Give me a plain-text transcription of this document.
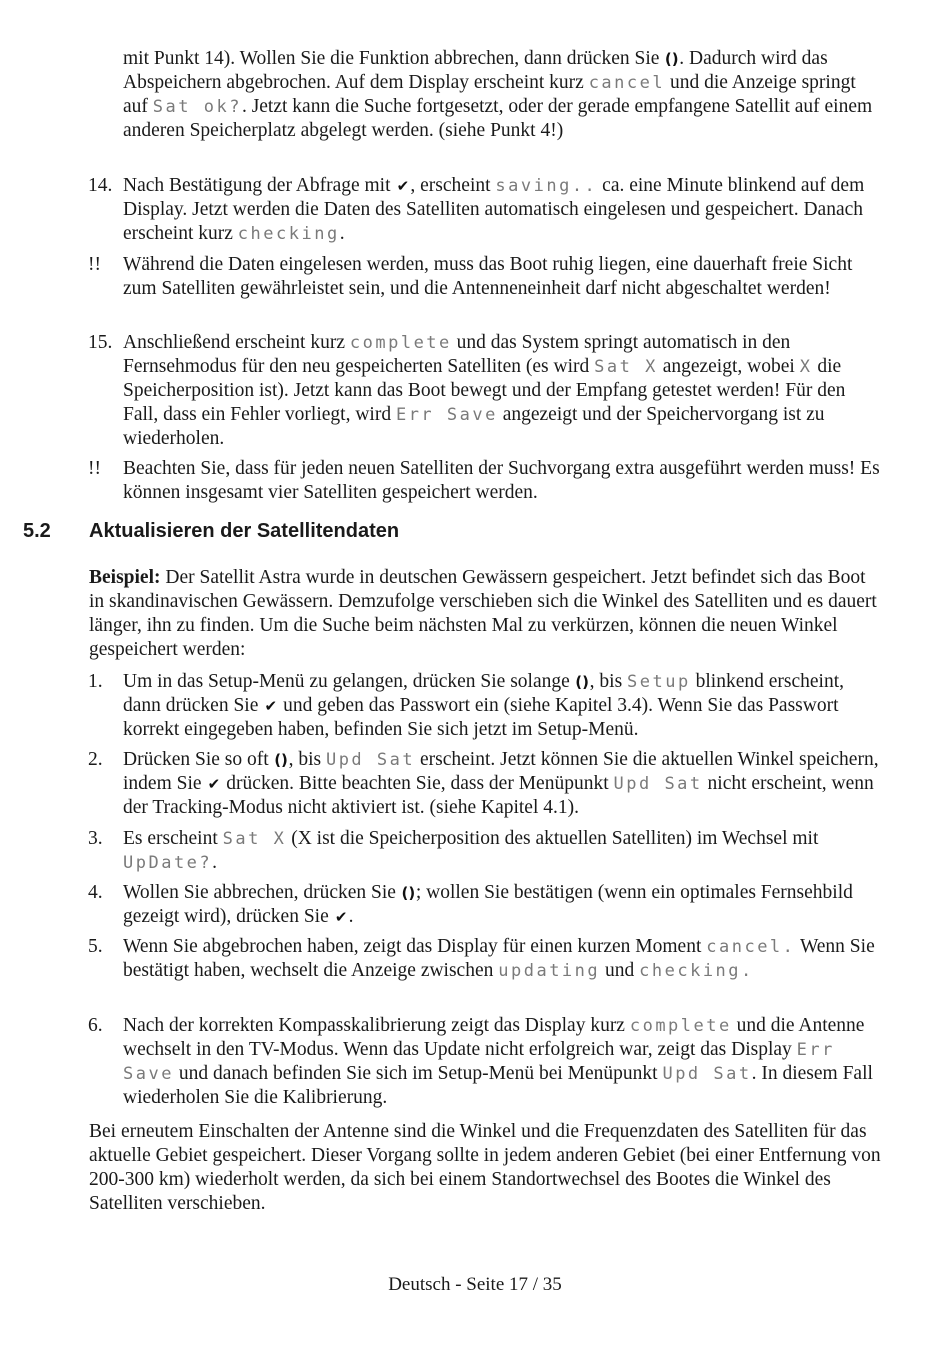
mit Punkt 14). Wollen Sie die Funktion abbrechen, dann drücken Sie (). Dadurch wird das Abspeichern abgebrochen. Auf dem Display erscheint kurz cancel und die Anzeige springt auf Sat ok?. Jetzt kann die Suche fortgesetzt, oder der gerade empfangene Satellit auf einem anderen Speicherplatz abgelegt werden. (siehe Punkt 4!)

14. Nach Bestätigung der Abfrage mit ✔, erscheint saving.. ca. eine Minute blinkend auf dem Display. Jetzt werden die Daten des Satelliten automatisch eingelesen und gespeichert. Danach erscheint kurz checking.
!!	Während die Daten eingelesen werden, muss das Boot ruhig liegen, eine dauerhaft freie Sicht zum Satelliten gewährleistet sein, und die Antenneneinheit darf nicht abgeschaltet werden!
15. Anschließend erscheint kurz complete und das System springt automatisch in den Fernsehmodus für den neu gespeicherten Satelliten (es wird Sat X angezeigt, wobei X die Speicherposition ist). Jetzt kann das Boot bewegt und der Empfang getestet werden! Für den Fall, dass ein Fehler vorliegt, wird Err Save angezeigt und der Speichervorgang ist zu wiederholen.
!!	Beachten Sie, dass für jeden neuen Satelliten der Suchvorgang extra ausgeführt werden muss! Es können insgesamt vier Satelliten gespeichert werden.
5.2 Aktualisieren der Satellitendaten
Beispiel: Der Satellit Astra wurde in deutschen Gewässern gespeichert. Jetzt befindet sich das Boot in skandinavischen Gewässern. Demzufolge verschieben sich die Winkel des Satelliten und es dauert länger, ihn zu finden. Um die Suche beim nächsten Mal zu verkürzen, können die neuen Winkel gespeichert werden:
1.	Um in das Setup-Menü zu gelangen, drücken Sie solange (), bis Setup blinkend erscheint, dann drücken Sie ✔ und geben das Passwort ein (siehe Kapitel 3.4). Wenn Sie das Passwort korrekt eingegeben haben, befinden Sie sich jetzt im Setup-Menü.
2.	Drücken Sie so oft (), bis Upd Sat erscheint. Jetzt können Sie die aktuellen Winkel speichern, indem Sie ✔ drücken. Bitte beachten Sie, dass der Menüpunkt Upd Sat nicht erscheint, wenn der Tracking-Modus nicht aktiviert ist. (siehe Kapitel 4.1).
3.	Es erscheint Sat X (X ist die Speicherposition des aktuellen Satelliten) im Wechsel mit UpDate?.
4.	Wollen Sie abbrechen, drücken Sie (); wollen Sie bestätigen (wenn ein optimales Fernsehbild gezeigt wird), drücken Sie ✔.
5.	Wenn Sie abgebrochen haben, zeigt das Display für einen kurzen Moment cancel. Wenn Sie bestätigt haben, wechselt die Anzeige zwischen updating und checking.
6.	Nach der korrekten Kompasskalibrierung zeigt das Display kurz complete und die Antenne wechselt in den TV-Modus. Wenn das Update nicht erfolgreich war, zeigt das Display Err Save und danach befinden Sie sich im Setup-Menü bei Menüpunkt Upd Sat. In diesem Fall wiederholen Sie die Kalibrierung.
Bei erneutem Einschalten der Antenne sind die Winkel und die Frequenzdaten des Satelliten für das aktuelle Gebiet gespeichert. Dieser Vorgang sollte in jedem anderen Gebiet (bei einer Entfernung von 200-300 km) wiederholt werden, da sich bei einem Standortwechsel des Bootes die Winkel des Satelliten verschieben.
Deutsch - Seite 17 / 35
